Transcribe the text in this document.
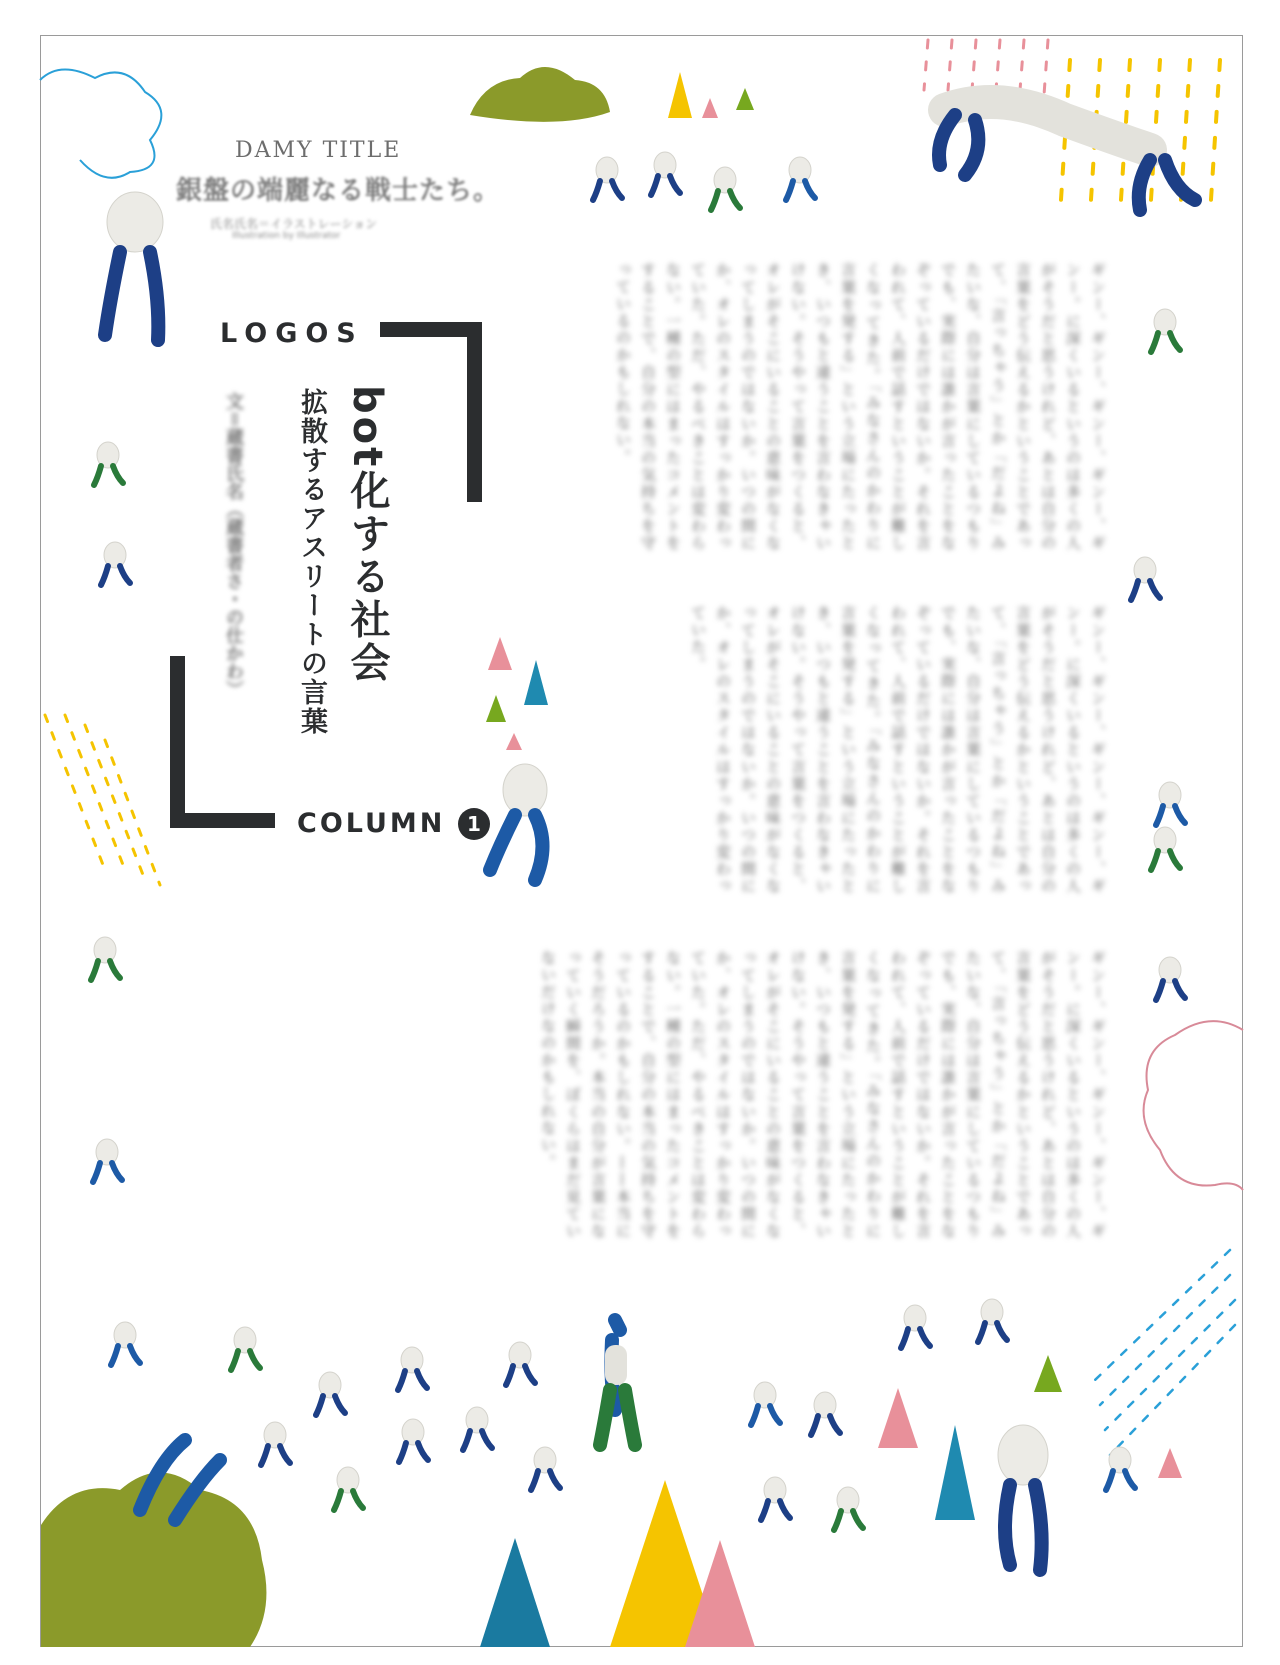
DAMY TITLE
銀盤の端麗なる戦士たち。
氏名氏名＝イラストレーション
Illustration by Illustrator
LOGOS
COLUMN	1
bot化する社会
拡散するアスリートの言葉
文＝蔵書氏名（蔵書者さ・の仕かわ）	ギンー、ギンー、ギンー、ギンー、ギンー。に深くいるというのは多くの人がそうだと思うけれど、あとは自分の言葉をどう伝えるかということであって、「言っちゃう」とか「だよね」みたいな、自分は言葉にしているつもりでも、実際には誰かが言ったことをなぞっているだけではないか。それを言われて、人前で話すということが難しくなってきた。「みなさんのかわりに言葉を発する」という立場にたったとき、いつもと違うことを言わなきゃいけない。そうやって言葉をつくると、オレがそこにいることの意味がなくなってしまうのではないか。いつの間にか、オレのスタイルはすっかり変わっていた。ただ、やるべきことは変わらない。一種の型にはまったコメントをすることで、自分の本当の気持ちを守っているのかもしれない。

ギンー、ギンー、ギンー、ギンー、ギンー。に深くいるというのは多くの人がそうだと思うけれど、あとは自分の言葉をどう伝えるかということであって、「言っちゃう」とか「だよね」みたいな、自分は言葉にしているつもりでも、実際には誰かが言ったことをなぞっているだけではないか。それを言われて、人前で話すということが難しくなってきた。「みなさんのかわりに言葉を発する」という立場にたったとき、いつもと違うことを言わなきゃいけない。そうやって言葉をつくると、オレがそこにいることの意味がなくなってしまうのではないか。いつの間にか、オレのスタイルはすっかり変わっていた。

ギンー、ギンー、ギンー、ギンー、ギンー。に深くいるというのは多くの人がそうだと思うけれど、あとは自分の言葉をどう伝えるかということであって、「言っちゃう」とか「だよね」みたいな、自分は言葉にしているつもりでも、実際には誰かが言ったことをなぞっているだけではないか。それを言われて、人前で話すということが難しくなってきた。「みなさんのかわりに言葉を発する」という立場にたったとき、いつもと違うことを言わなきゃいけない。そうやって言葉をつくると、オレがそこにいることの意味がなくなってしまうのではないか。いつの間にか、オレのスタイルはすっかり変わっていた。ただ、やるべきことは変わらない。一種の型にはまったコメントをすることで、自分の本当の気持ちを守っているのかもしれない。——本当にそうだろうか。本当の自分が言葉になっていく瞬間を、ぼくらはまだ見ていないだけなのかもしれない。
